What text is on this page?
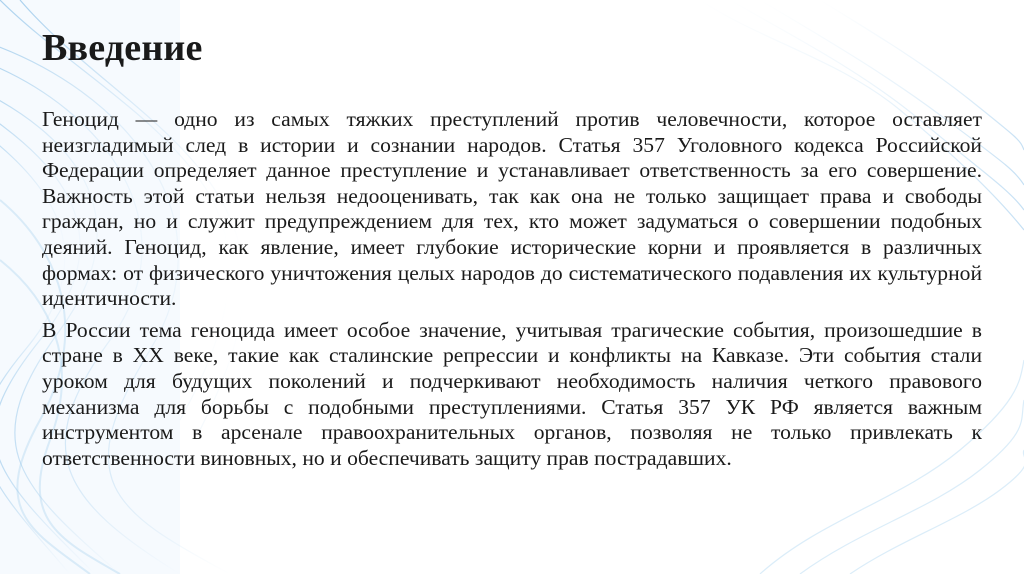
Введение

Геноцид — одно из самых тяжких преступлений против человечности, которое оставляет неизгладимый след в истории и сознании народов. Статья 357 Уголовного кодекса Российской Федерации определяет данное преступление и устанавливает ответственность за его совершение. Важность этой статьи нельзя недооценивать, так как она не только защищает права и свободы граждан, но и служит предупреждением для тех, кто может задуматься о совершении подобных деяний. Геноцид, как явление, имеет глубокие исторические корни и проявляется в различных формах: от физического уничтожения целых народов до систематического подавления их культурной идентичности.

В России тема геноцида имеет особое значение, учитывая трагические события, произошедшие в стране в XX веке, такие как сталинские репрессии и конфликты на Кавказе. Эти события стали уроком для будущих поколений и подчеркивают необходимость наличия четкого правового механизма для борьбы с подобными преступлениями. Статья 357 УК РФ является важным инструментом в арсенале правоохранительных органов, позволяя не только привлекать к ответственности виновных, но и обеспечивать защиту прав пострадавших.
